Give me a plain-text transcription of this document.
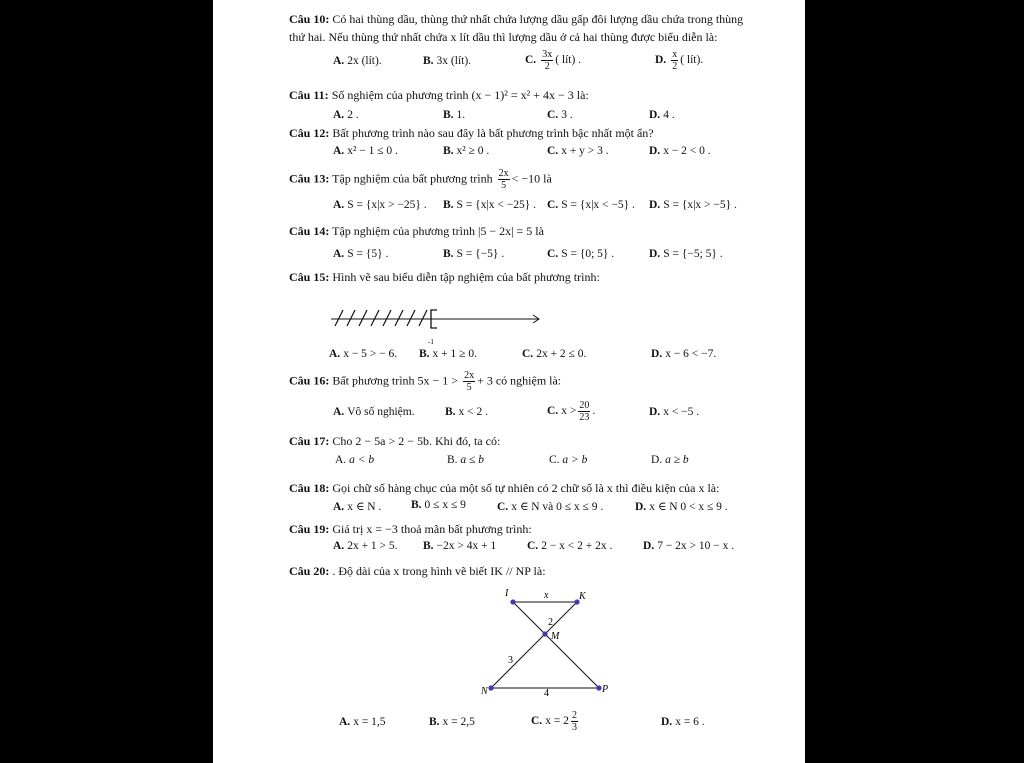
Câu 10: Có hai thùng dầu, thùng thứ nhất chứa lượng dầu gấp đôi lượng dầu chứa trong thùng
thứ hai. Nếu thùng thứ nhất chứa x lít dầu thì lượng dầu ở cả hai thùng được biểu diễn là:
A. 2x (lít).	B. 3x (lít).	C. $\frac{3x}{2}$ ( lít) .	D. $\frac{x}{2}$ ( lít).
Câu 11: Số nghiệm của phương trình (x − 1)² = x² + 4x − 3 là:
A. 2 .	B. 1.	C. 3 .	D. 4 .
Câu 12: Bất phương trình nào sau đây là bất phương trình bậc nhất một ẩn?
A. x² − 1 ≤ 0 .	B. x² ≥ 0 .	C. x + y > 3 .	D. x − 2 < 0 .
Câu 13: Tập nghiệm của bất phương trình $\frac{2x}{5} < -10$ là
A. S = {x|x > −25} . B. S = {x|x < −25} . C. S = {x|x < −5} . D. S = {x|x > −5} .
Câu 14: Tập nghiệm của phương trình |5 − 2x| = 5 là
A. S = {5} .	B. S = {−5} .	C. S = {0; 5} .	D. S = {−5; 5} .
Câu 15: Hình vẽ sau biểu diễn tập nghiệm của bất phương trình:
-1
A. x − 5 > − 6. B. x + 1 ≥ 0.	C. 2x + 2 ≤ 0.	D. x − 6 < −7.
Câu 16: Bất phương trình $5x - 1 > \frac{2x}{5} + 3$ có nghiệm là:
A. Vô số nghiệm.	B. x < 2 .	C. $x > \frac{20}{23}$ .	D. x < −5 .
Câu 17: Cho 2 − 5a > 2 − 5b. Khi đó, ta có:
A. a < b	B. a ≤ b	C. a > b	D. a ≥ b
Câu 18: Gọi chữ số hàng chục của một số tự nhiên có 2 chữ số là x thì điều kiện của x là:
A. x ∈ N .	B. 0 ≤ x ≤ 9	C. x ∈ N và 0 ≤ x ≤ 9 .	D. x ∈ N 0 < x ≤ 9 .
Câu 19: Giá trị x = −3 thoả mãn bất phương trình:
A. 2x + 1 > 5. B. −2x > 4x + 1	C. 2 − x < 2 + 2x .	D. 7 − 2x > 10 − x .
Câu 20: . Độ dài của x trong hình vẽ biết IK // NP là:
I	K
M
N	P
x
2
3
4
A. x = 1,5	B. x = 2,5	C. $x = 2 \frac{2}{3}$	D. x = 6 .
